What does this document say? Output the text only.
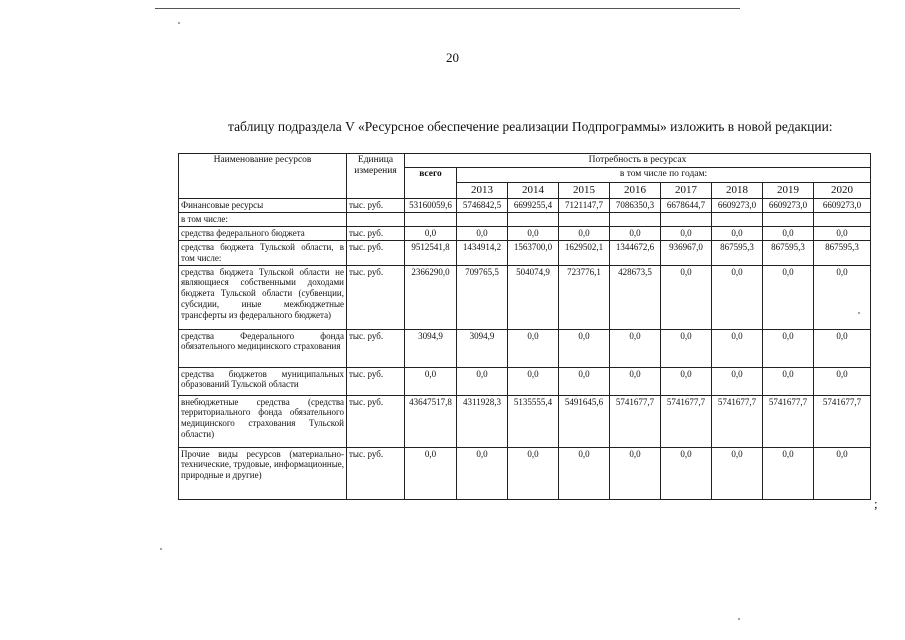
20
таблицу подраздела V «Ресурсное обеспечение реализации Подпрограммы» изложить в новой редакции:
Наименование ресурсов	Единица измерения	Потребность в ресурсах								
		всего	в том числе по годам:							
			2013	2014	2015	2016	2017	2018	2019	2020
Финансовые ресурсы	тыс. руб.	53160059,6	5746842,5	6699255,4	7121147,7	7086350,3	6678644,7	6609273,0	6609273,0	6609273,0
в том числе:										
средства федерального бюджета	тыс. руб.	0,0	0,0	0,0	0,0	0,0	0,0	0,0	0,0	0,0
средства бюджета Тульской области, в том числе:	тыс. руб.	9512541,8	1434914,2	1563700,0	1629502,1	1344672,6	936967,0	867595,3	867595,3	867595,3
средства бюджета Тульской области не являющиеся собственными доходами бюджета Тульской области (субвенции, субсидии, иные межбюджетные трансферты из федерального бюджета)	тыс. руб.	2366290,0	709765,5	504074,9	723776,1	428673,5	0,0	0,0	0,0	0,0
средства Федерального фонда обязательного медицинского страхования	тыс. руб.	3094,9	3094,9	0,0	0,0	0,0	0,0	0,0	0,0	0,0
средства бюджетов муниципальных образований Тульской области	тыс. руб.	0,0	0,0	0,0	0,0	0,0	0,0	0,0	0,0	0,0
внебюджетные средства (средства территориального фонда обязательного медицинского страхования Тульской области)	тыс. руб.	43647517,8	4311928,3	5135555,4	5491645,6	5741677,7	5741677,7	5741677,7	5741677,7	5741677,7
Прочие виды ресурсов (материально-технические, трудовые, информационные, природные и другие)	тыс. руб.	0,0	0,0	0,0	0,0	0,0	0,0	0,0	0,0	0,0
;
